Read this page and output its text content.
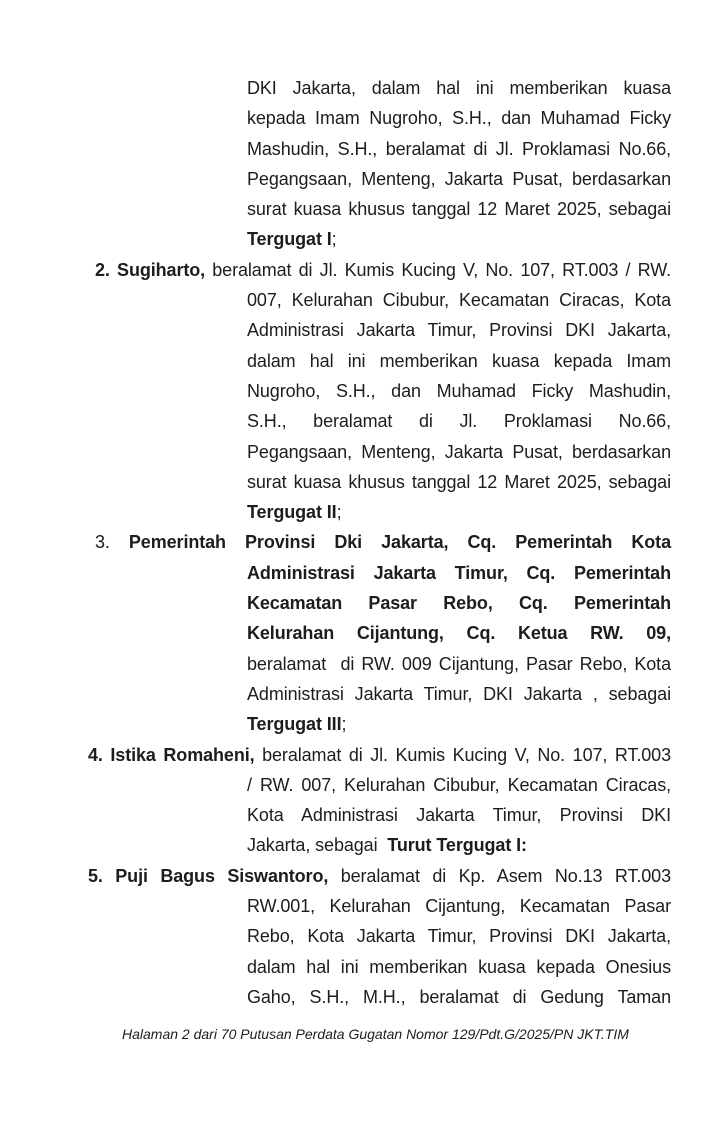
DKI Jakarta, dalam hal ini memberikan kuasa
kepada Imam Nugroho, S.H., dan Muhamad Ficky
Mashudin, S.H., beralamat di Jl. Proklamasi No.66,
Pegangsaan, Menteng, Jakarta Pusat, berdasarkan
surat kuasa khusus tanggal 12 Maret 2025, sebagai
Tergugat I;
2. Sugiharto, beralamat di Jl. Kumis Kucing V, No. 107, RT.003 / RW.
007, Kelurahan Cibubur, Kecamatan Ciracas, Kota
Administrasi Jakarta Timur, Provinsi DKI Jakarta,
dalam hal ini memberikan kuasa kepada Imam
Nugroho, S.H., dan Muhamad Ficky Mashudin,
S.H., beralamat di Jl. Proklamasi No.66,
Pegangsaan, Menteng, Jakarta Pusat, berdasarkan
surat kuasa khusus tanggal 12 Maret 2025, sebagai
Tergugat II;
3. Pemerintah Provinsi Dki Jakarta, Cq. Pemerintah Kota
Administrasi Jakarta Timur, Cq. Pemerintah
Kecamatan Pasar Rebo, Cq. Pemerintah
Kelurahan Cijantung, Cq. Ketua RW. 09,
beralamat  di RW. 009 Cijantung, Pasar Rebo, Kota
Administrasi Jakarta Timur, DKI Jakarta , sebagai
Tergugat III;
4. Istika Romaheni, beralamat di Jl. Kumis Kucing V, No. 107, RT.003
/ RW. 007, Kelurahan Cibubur, Kecamatan Ciracas,
Kota Administrasi Jakarta Timur, Provinsi DKI
Jakarta, sebagai  Turut Tergugat I:
5. Puji Bagus Siswantoro, beralamat di Kp. Asem No.13 RT.003
RW.001, Kelurahan Cijantung, Kecamatan Pasar
Rebo, Kota Jakarta Timur, Provinsi DKI Jakarta,
dalam hal ini memberikan kuasa kepada Onesius
Gaho, S.H., M.H., beralamat di Gedung Taman
Halaman 2 dari 70 Putusan Perdata Gugatan Nomor 129/Pdt.G/2025/PN JKT.TIM
